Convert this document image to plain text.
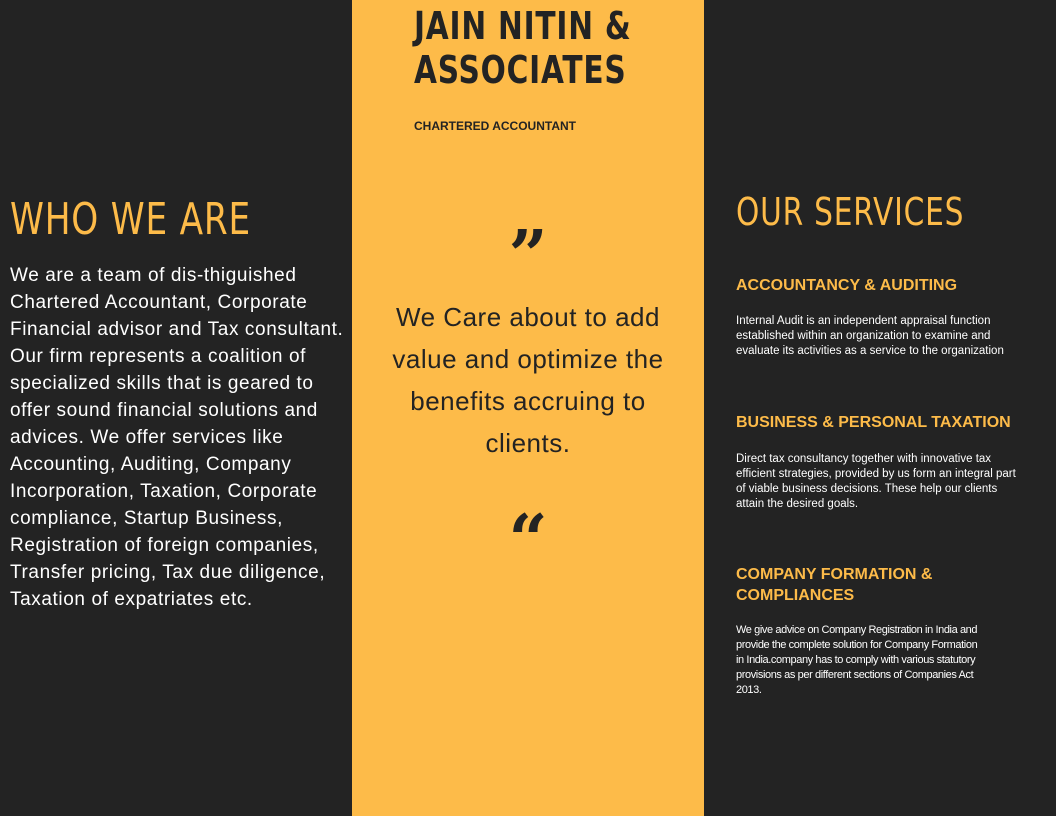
WHO WE ARE

We are a team of dis-thiguished Chartered Accountant, Corporate Financial advisor and Tax consultant. Our firm represents a coalition of specialized skills that is geared to offer sound financial solutions and advices. We offer services like Accounting, Auditing, Company Incorporation, Taxation, Corporate compliance, Startup Business, Registration of foreign companies, Transfer pricing, Tax due diligence, Taxation of expatriates etc.

JAIN NITIN &
ASSOCIATES
CHARTERED ACCOUNTANT
”

We Care about to add value and optimize the benefits accruing to clients.

“
OUR SERVICES
ACCOUNTANCY & AUDITING

Internal Audit is an independent appraisal function established within an organization to examine and evaluate its activities as a service to the organization

BUSINESS & PERSONAL TAXATION

Direct tax consultancy together with innovative tax efficient strategies, provided by us form an integral part of viable business decisions. These help our clients attain the desired goals.

COMPANY FORMATION & COMPLIANCES

We give advice on Company Registration in India and provide the complete solution for Company Formation in India.company has to comply with various statutory provisions as per different sections of Companies Act 2013.
